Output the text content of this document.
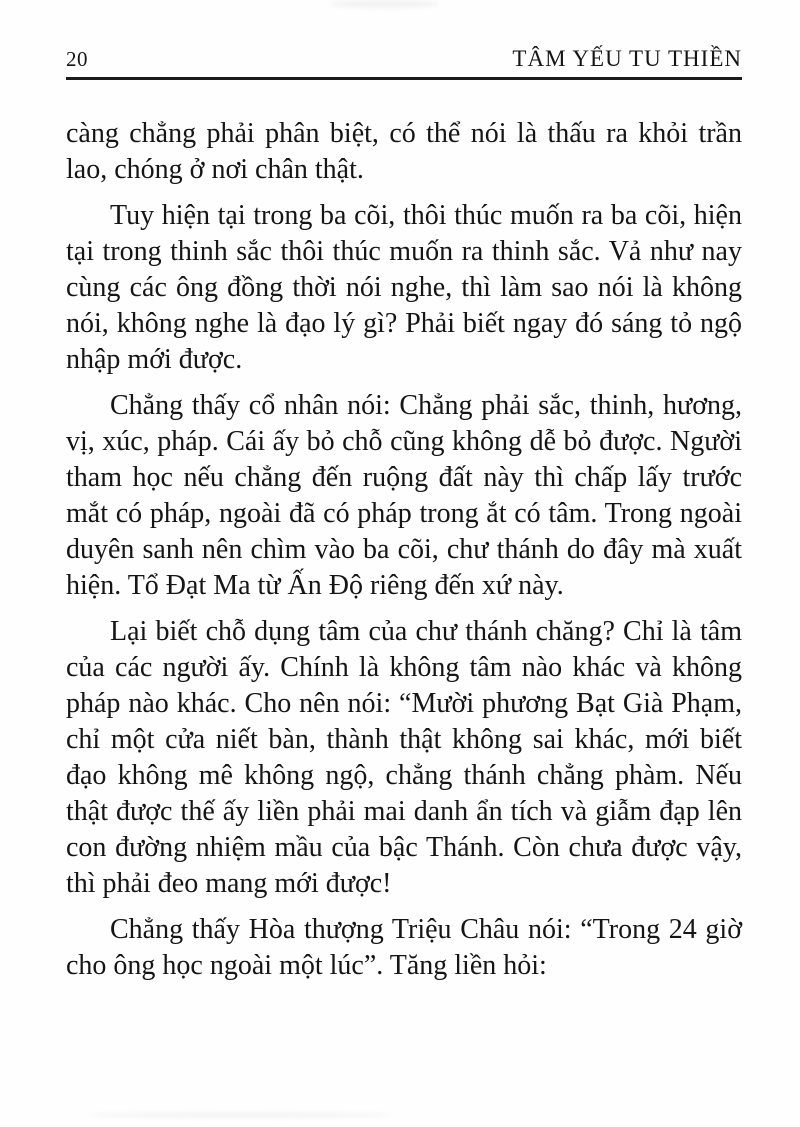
20	TÂM YẾU TU THIỀN

càng chẳng phải phân biệt, có thể nói là thấu ra khỏi trần lao, chóng ở nơi chân thật.

Tuy hiện tại trong ba cõi, thôi thúc muốn ra ba cõi, hiện tại trong thinh sắc thôi thúc muốn ra thinh sắc. Vả như nay cùng các ông đồng thời nói nghe, thì làm sao nói là không nói, không nghe là đạo lý gì? Phải biết ngay đó sáng tỏ ngộ nhập mới được.

Chẳng thấy cổ nhân nói: Chẳng phải sắc, thinh, hương, vị, xúc, pháp. Cái ấy bỏ chỗ cũng không dễ bỏ được. Người tham học nếu chẳng đến ruộng đất này thì chấp lấy trước mắt có pháp, ngoài đã có pháp trong ắt có tâm. Trong ngoài duyên sanh nên chìm vào ba cõi, chư thánh do đây mà xuất hiện. Tổ Đạt Ma từ Ấn Độ riêng đến xứ này.

Lại biết chỗ dụng tâm của chư thánh chăng? Chỉ là tâm của các người ấy. Chính là không tâm nào khác và không pháp nào khác. Cho nên nói: “Mười phương Bạt Già Phạm, chỉ một cửa niết bàn, thành thật không sai khác, mới biết đạo không mê không ngộ, chẳng thánh chẳng phàm. Nếu thật được thế ấy liền phải mai danh ẩn tích và giẫm đạp lên con đường nhiệm mầu của bậc Thánh. Còn chưa được vậy, thì phải đeo mang mới được!

Chẳng thấy Hòa thượng Triệu Châu nói: “Trong 24 giờ cho ông học ngoài một lúc”. Tăng liền hỏi:
